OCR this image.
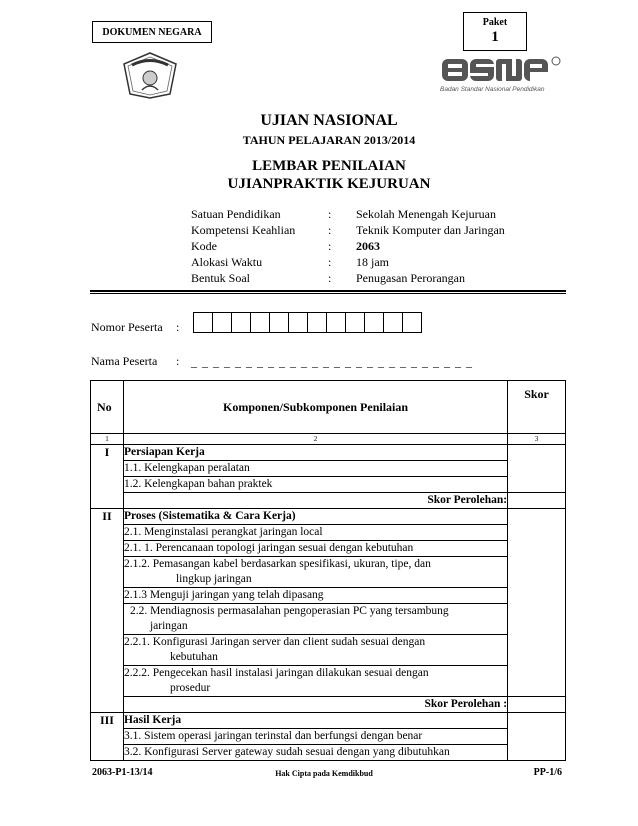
DOKUMEN NEGARA
Paket
1
Badan Standar Nasional Pendidikan
UJIAN NASIONAL
TAHUN PELAJARAN 2013/2014
LEMBAR PENILAIAN
UJIANPRAKTIK KEJURUAN
Satuan Pendidikan	:	Sekolah Menengah Kejuruan
Kompetensi Keahlian	:	Teknik Komputer dan Jaringan
Kode	:	2063
Alokasi Waktu	:	18 jam
Bentuk Soal	:	Penugasan Perorangan
Nomor Peserta :
Nama Peserta : _ _ _ _ _ _ _ _ _ _ _ _ _ _ _ _ _ _ _ _ _ _ _ _ _ _
No	Komponen/Subkomponen Penilaian	Skor
1	2	3
I	Persiapan Kerja	
	1.1. Kelengkapan peralatan	
	1.2. Kelengkapan bahan praktek	
	Skor Perolehan:	
II	Proses (Sistematika & Cara Kerja)	
	2.1. Menginstalasi perangkat jaringan local	
	2.1. 1. Perencanaan topologi jaringan sesuai dengan kebutuhan	

	2.1.2. Pemasangan kabel berdasarkan spesifikasi, ukuran, tipe, dan
lingkup jaringan	

	2.1.3 Menguji jaringan yang telah dipasang	

	2.2. Mendiagnosis permasalahan pengoperasian PC yang tersambung
jaringan	

	2.2.1. Konfigurasi Jaringan server dan client sudah sesuai dengan
kebutuhan	

	2.2.2. Pengecekan hasil instalasi jaringan dilakukan sesuai dengan
prosedur	

	Skor Perolehan :	
III	Hasil Kerja	
	3.1. Sistem operasi jaringan terinstal dan berfungsi dengan benar	
	3.2. Konfigurasi Server gateway sudah sesuai dengan yang dibutuhkan	
2063-P1-13/14	Hak Cipta pada Kemdikbud	PP-1/6
